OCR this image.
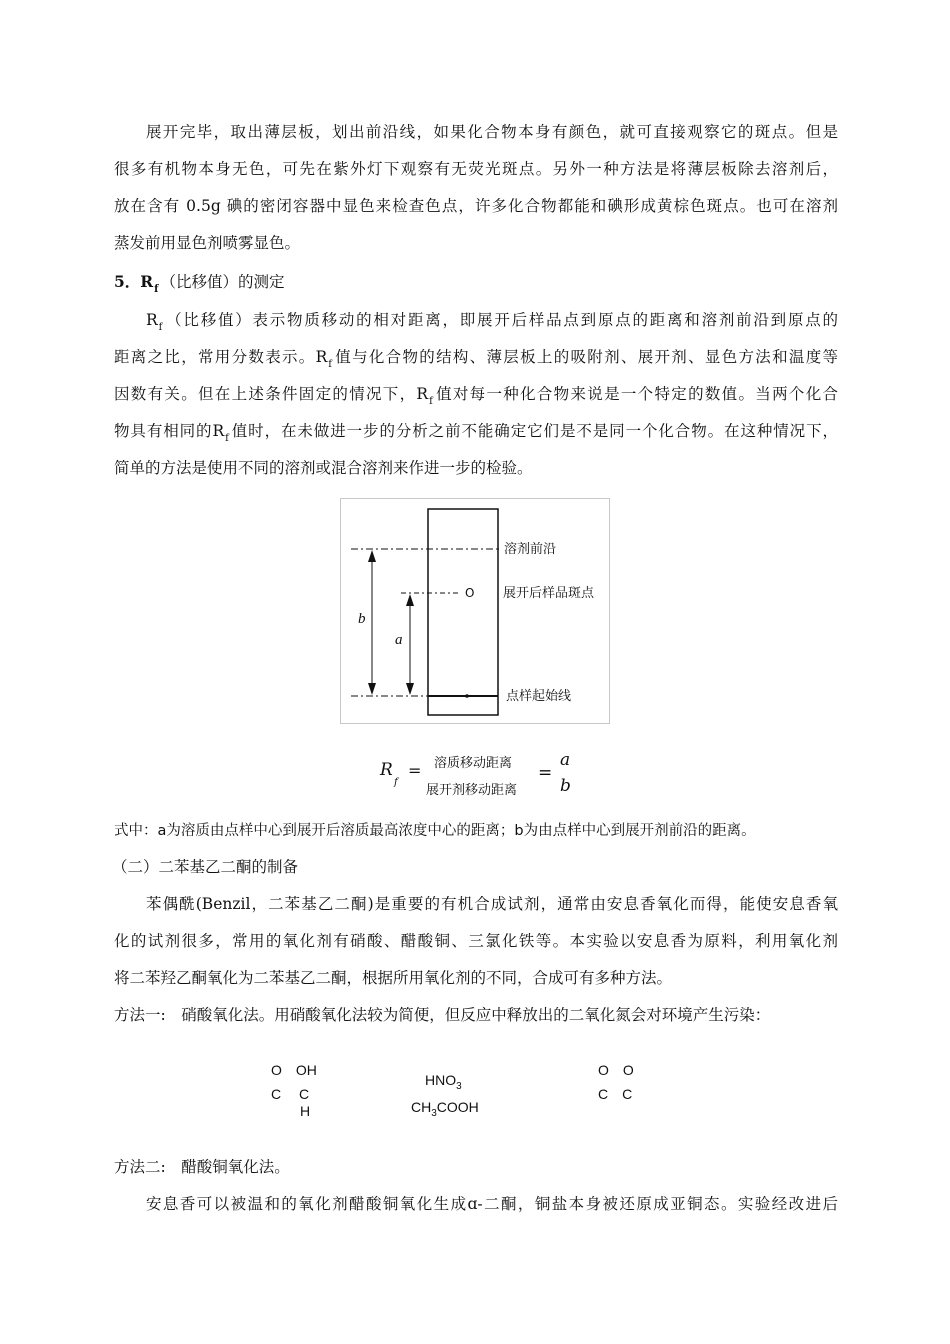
展开完毕，取出薄层板，划出前沿线，如果化合物本身有颜色，就可直接观察它的斑点。但是
很多有机物本身无色，可先在紫外灯下观察有无荧光斑点。另外一种方法是将薄层板除去溶剂后，
放在含有 0.5g 碘的密闭容器中显色来检查色点，许多化合物都能和碘形成黄棕色斑点。也可在溶剂
蒸发前用显色剂喷雾显色。
5．$R_f$ （比移值）的测定
$R_f$ （比移值）表示物质移动的相对距离，即展开后样品点到原点的距离和溶剂前沿到原点的
距离之比，常用分数表示。$R_f$ 值与化合物的结构、薄层板上的吸附剂、展开剂、显色方法和温度等
因数有关。但在上述条件固定的情况下，$R_f$ 值对每一种化合物来说是一个特定的数值。当两个化合
物具有相同的$R_f$ 值时，在未做进一步的分析之前不能确定它们是不是同一个化合物。在这种情况下，
简单的方法是使用不同的溶剂或混合溶剂来作进一步的检验。
O
b
a
溶剂前沿
展开后样品斑点
点样起始线
R
f
= 溶质移动距离
展开剂移动距离
=
a
b
式中：a为溶质由点样中心到展开后溶质最高浓度中心的距离；b为由点样中心到展开剂前沿的距离。
（二）二苯基乙二酮的制备
苯偶酰(Benzil，二苯基乙二酮)是重要的有机合成试剂，通常由安息香氧化而得，能使安息香氧
化的试剂很多，常用的氧化剂有硝酸、醋酸铜、三氯化铁等。本实验以安息香为原料，利用氧化剂
将二苯羟乙酮氧化为二苯基乙二酮，根据所用氧化剂的不同，合成可有多种方法。
方法一:　硝酸氧化法。用硝酸氧化法较为简便，但反应中释放出的二氧化氮会对环境产生污染：
O　OH
C　 C
H
$HNO_3$
$CH_3COOH$
O　O
C　C
方法二:　醋酸铜氧化法。
安息香可以被温和的氧化剂醋酸铜氧化生成ɑ-二酮，铜盐本身被还原成亚铜态。实验经改进后
